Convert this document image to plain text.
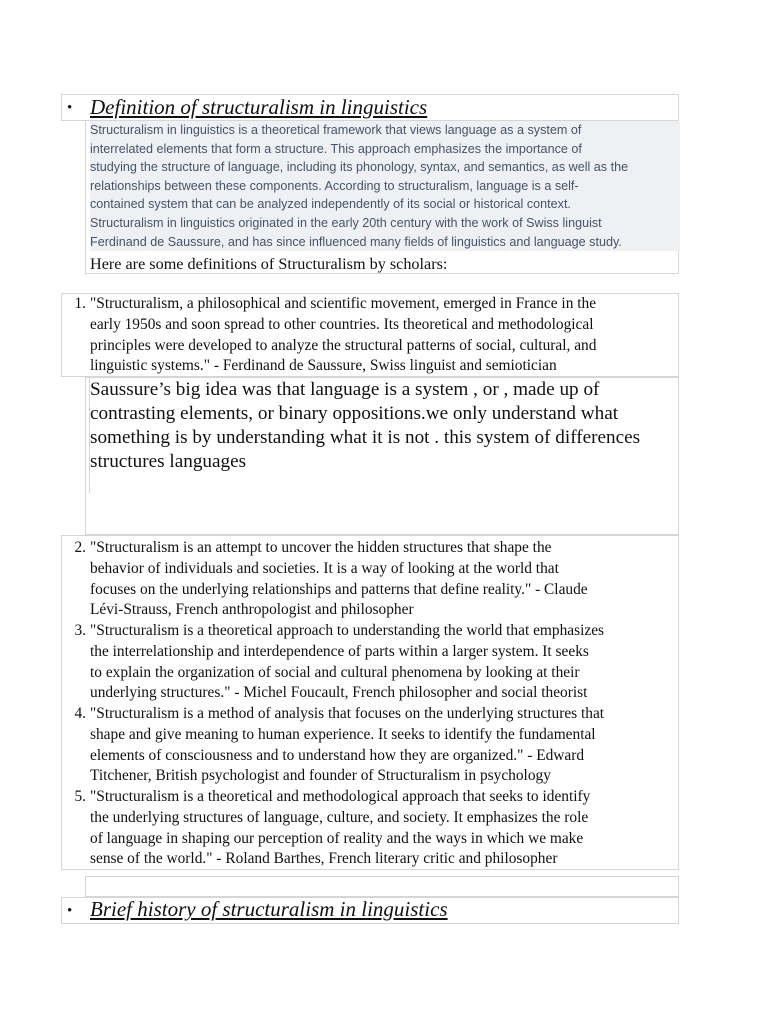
• Definition of structuralism in linguistics
Structuralism in linguistics is a theoretical framework that views language as a system of
interrelated elements that form a structure. This approach emphasizes the importance of
studying the structure of language, including its phonology, syntax, and semantics, as well as the
relationships between these components. According to structuralism, language is a self-
contained system that can be analyzed independently of its social or historical context.
Structuralism in linguistics originated in the early 20th century with the work of Swiss linguist
Ferdinand de Saussure, and has since influenced many fields of linguistics and language study.
Here are some definitions of Structuralism by scholars:
1. "Structuralism, a philosophical and scientific movement, emerged in France in the
early 1950s and soon spread to other countries. Its theoretical and methodological
principles were developed to analyze the structural patterns of social, cultural, and
linguistic systems." - Ferdinand de Saussure, Swiss linguist and semiotician
Saussure’s big idea was that language is a system , or , made up of
contrasting elements, or binary oppositions.we only understand what
something is by understanding what it is not . this system of differences
structures languages
2. "Structuralism is an attempt to uncover the hidden structures that shape the
behavior of individuals and societies. It is a way of looking at the world that
focuses on the underlying relationships and patterns that define reality." - Claude
Lévi-Strauss, French anthropologist and philosopher
3. "Structuralism is a theoretical approach to understanding the world that emphasizes
the interrelationship and interdependence of parts within a larger system. It seeks
to explain the organization of social and cultural phenomena by looking at their
underlying structures." - Michel Foucault, French philosopher and social theorist
4. "Structuralism is a method of analysis that focuses on the underlying structures that
shape and give meaning to human experience. It seeks to identify the fundamental
elements of consciousness and to understand how they are organized." - Edward
Titchener, British psychologist and founder of Structuralism in psychology
5. "Structuralism is a theoretical and methodological approach that seeks to identify
the underlying structures of language, culture, and society. It emphasizes the role
of language in shaping our perception of reality and the ways in which we make
sense of the world." - Roland Barthes, French literary critic and philosopher
• Brief history of structuralism in linguistics
